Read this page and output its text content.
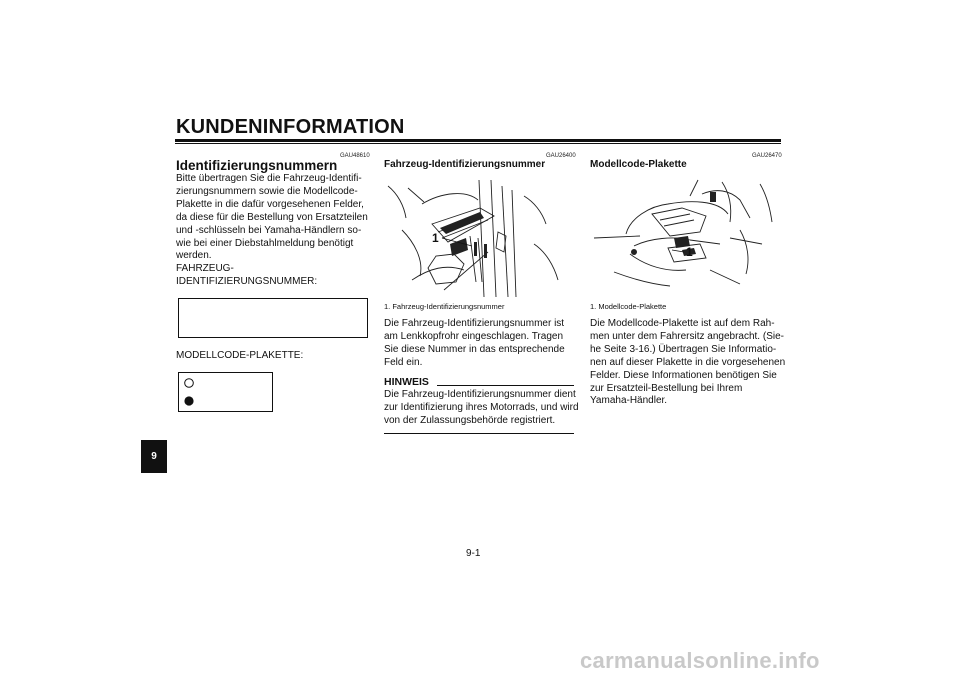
KUNDENINFORMATION
9
GAU48610
Identifizierungsnummern
Bitte übertragen Sie die Fahrzeug-Identifi-
zierungsnummern sowie die Modellcode-
Plakette in die dafür vorgesehenen Felder,
da diese für die Bestellung von Ersatzteilen
und -schlüsseln bei Yamaha-Händlern so-
wie bei einer Diebstahlmeldung benötigt
werden.
FAHRZEUG-
IDENTIFIZIERUNGSNUMMER:
MODELLCODE-PLAKETTE:
GAU26400
Fahrzeug-Identifizierungsnummer
1
1. Fahrzeug-Identifizierungsnummer
Die Fahrzeug-Identifizierungsnummer ist
am Lenkkopfrohr eingeschlagen. Tragen
Sie diese Nummer in das entsprechende
Feld ein.
HINWEIS
Die Fahrzeug-Identifizierungsnummer dient
zur Identifizierung ihres Motorrads, und wird
von der Zulassungsbehörde registriert.
GAU26470
Modellcode-Plakette
1
1. Modellcode-Plakette
Die Modellcode-Plakette ist auf dem Rah-
men unter dem Fahrersitz angebracht. (Sie-
he Seite 3-16.) Übertragen Sie Informatio-
nen auf dieser Plakette in die vorgesehenen
Felder. Diese Informationen benötigen Sie
zur Ersatzteil-Bestellung bei Ihrem
Yamaha-Händler.
9-1
carmanualsonline.info
